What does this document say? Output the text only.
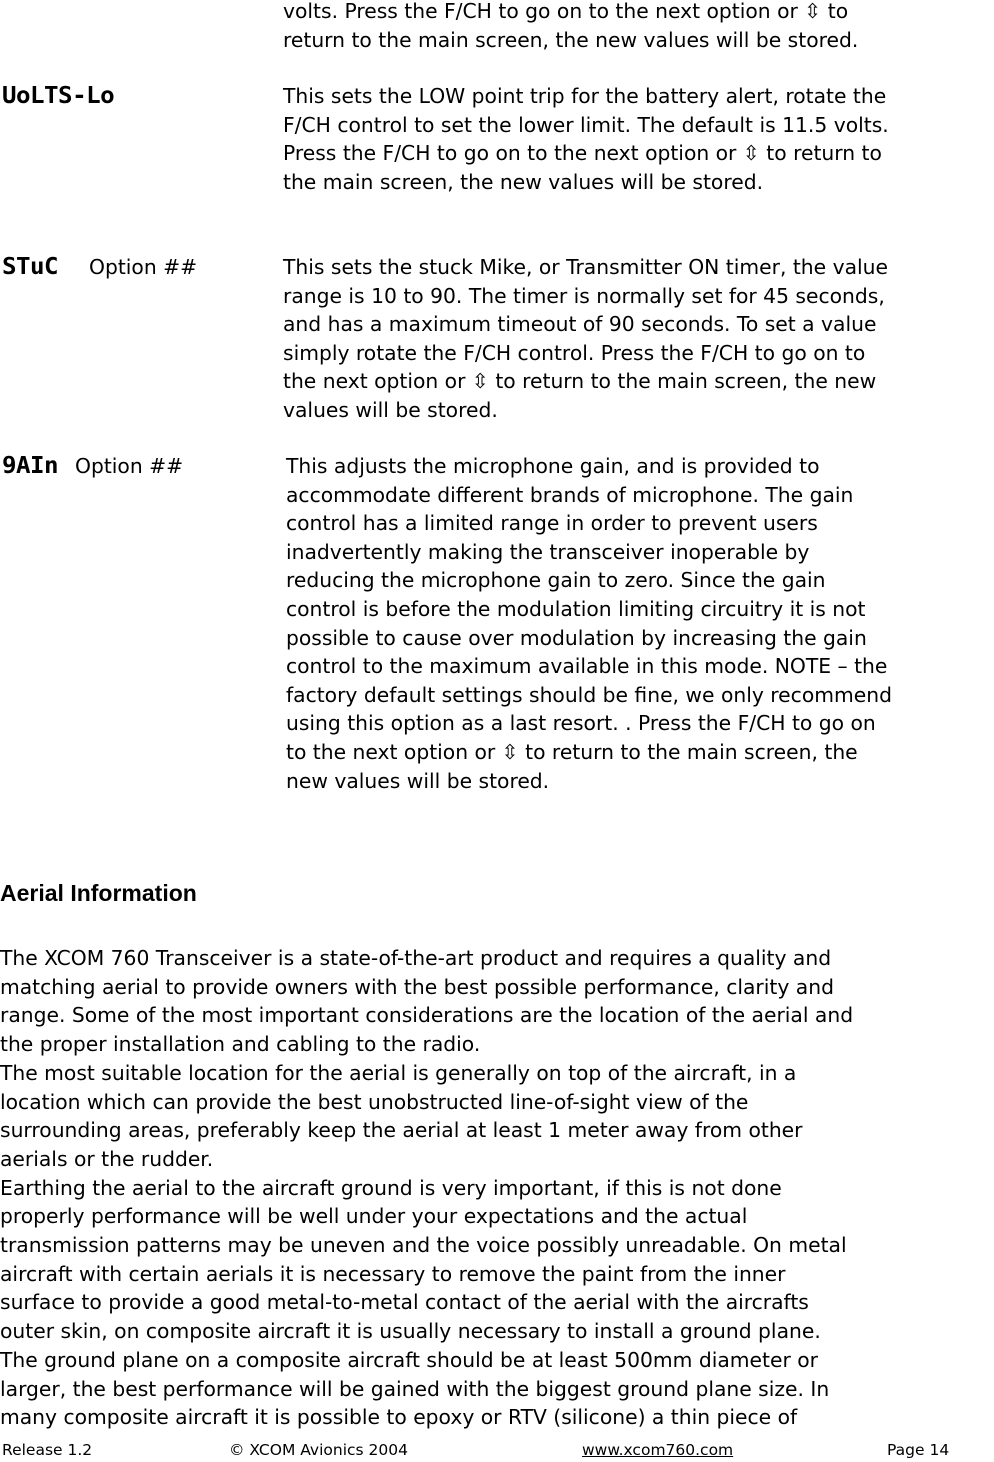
volts. Press the F/CH to go on to the next option or ⇳ to
return to the main screen, the new values will be stored.
UoLTS-Lo	This sets the LOW point trip for the battery alert, rotate the
F/CH control to set the lower limit. The default is 11.5 volts.
Press the F/CH to go on to the next option or ⇳ to return to
the main screen, the new values will be stored.
STuC Option ##	This sets the stuck Mike, or Transmitter ON timer, the value
range is 10 to 90. The timer is normally set for 45 seconds,
and has a maximum timeout of 90 seconds. To set a value
simply rotate the F/CH control. Press the F/CH to go on to
the next option or ⇳ to return to the main screen, the new
values will be stored.
9AIn Option ##	This adjusts the microphone gain, and is provided to
accommodate different brands of microphone. The gain
control has a limited range in order to prevent users
inadvertently making the transceiver inoperable by
reducing the microphone gain to zero. Since the gain
control is before the modulation limiting circuitry it is not
possible to cause over modulation by increasing the gain
control to the maximum available in this mode. NOTE – the
factory default settings should be fine, we only recommend
using this option as a last resort. . Press the F/CH to go on
to the next option or ⇳ to return to the main screen, the
new values will be stored.
Aerial Information
The XCOM 760 Transceiver is a state-of-the-art product and requires a quality and
matching aerial to provide owners with the best possible performance, clarity and
range. Some of the most important considerations are the location of the aerial and
the proper installation and cabling to the radio.
The most suitable location for the aerial is generally on top of the aircraft, in a
location which can provide the best unobstructed line-of-sight view of the
surrounding areas, preferably keep the aerial at least 1 meter away from other
aerials or the rudder.
Earthing the aerial to the aircraft ground is very important, if this is not done
properly performance will be well under your expectations and the actual
transmission patterns may be uneven and the voice possibly unreadable. On metal
aircraft with certain aerials it is necessary to remove the paint from the inner
surface to provide a good metal-to-metal contact of the aerial with the aircrafts
outer skin, on composite aircraft it is usually necessary to install a ground plane.
The ground plane on a composite aircraft should be at least 500mm diameter or
larger, the best performance will be gained with the biggest ground plane size. In
many composite aircraft it is possible to epoxy or RTV (silicone) a thin piece of
Release 1.2	© XCOM Avionics 2004	www.xcom760.com	Page 14
